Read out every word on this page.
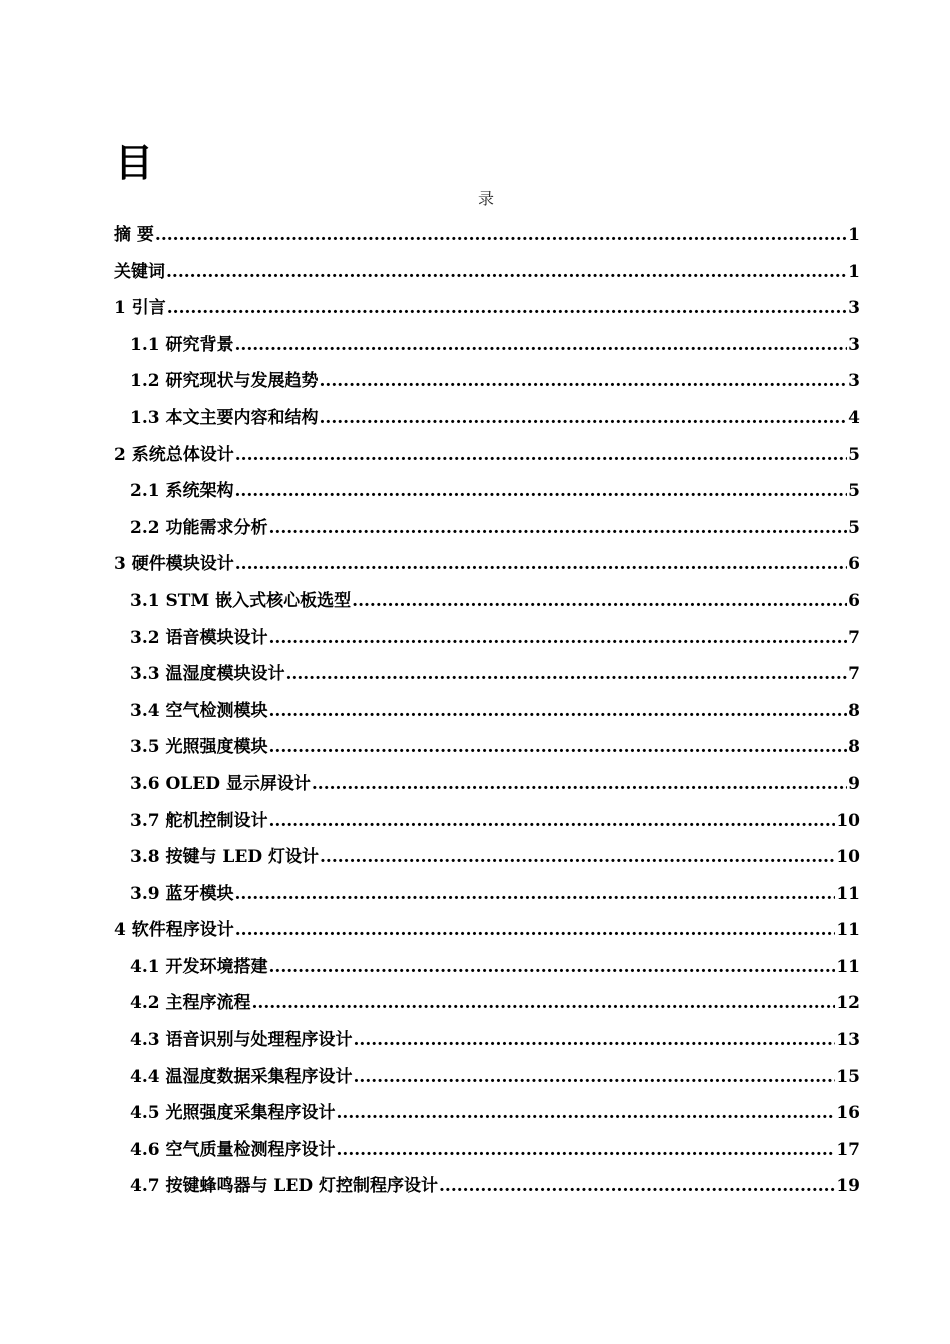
目
录
摘 要 .....	1
关键词 .....	1
1 引言 .....	3
1.1 研究背景 .....	3
1.2 研究现状与发展趋势 .....	3
1.3 本文主要内容和结构 .....	4
2 系统总体设计 .....	5
2.1 系统架构 .....	5
2.2 功能需求分析 .....	5
3 硬件模块设计 .....	6
3.1 STM 嵌入式核心板选型 .....	6
3.2 语音模块设计 .....	7
3.3 温湿度模块设计 .....	7
3.4 空气检测模块 .....	8
3.5 光照强度模块 .....	8
3.6 OLED 显示屏设计 .....	9
3.7 舵机控制设计 .....	10
3.8 按键与 LED 灯设计 .....	10
3.9 蓝牙模块 .....	11
4 软件程序设计 .....	11
4.1 开发环境搭建 .....	11
4.2 主程序流程 .....	12
4.3 语音识别与处理程序设计 .....	13
4.4 温湿度数据采集程序设计 .....	15
4.5 光照强度采集程序设计 .....	16
4.6 空气质量检测程序设计 .....	17
4.7 按键蜂鸣器与 LED 灯控制程序设计 .....	19
